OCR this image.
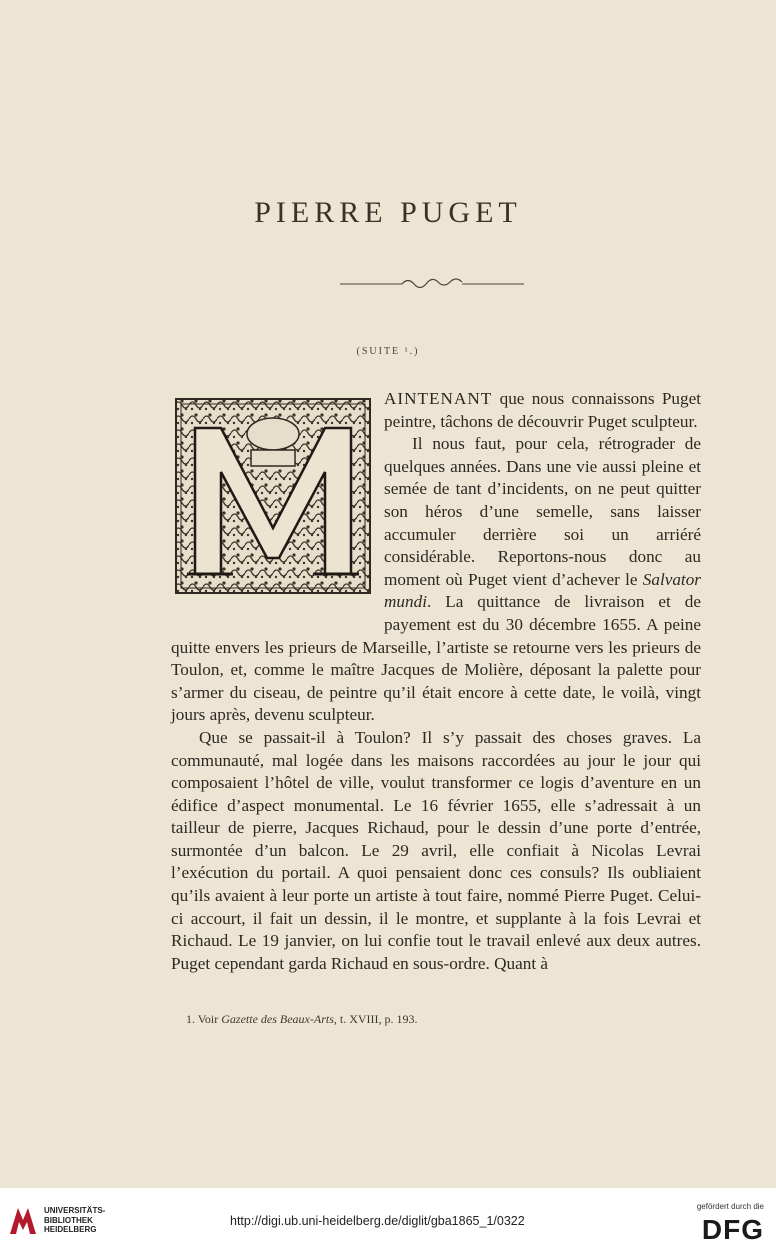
PIERRE PUGET
(SUITE ¹.)

AINTENANT que nous connaissons Puget peintre, tâchons de découvrir Puget sculpteur.

Il nous faut, pour cela, rétrograder de quelques années. Dans une vie aussi pleine et semée de tant d’incidents, on ne peut quitter son héros d’une semelle, sans laisser accumuler derrière soi un arriéré considérable. Reportons-nous donc au moment où Puget vient d’achever le Salvator mundi. La quittance de livraison et de payement est du 30 décembre 1655. A peine quitte envers les prieurs de Marseille, l’artiste se retourne vers les prieurs de Toulon, et, comme le maître Jacques de Molière, déposant la palette pour s’armer du ciseau, de peintre qu’il était encore à cette date, le voilà, vingt jours après, devenu sculpteur.

Que se passait-il à Toulon? Il s’y passait des choses graves. La communauté, mal logée dans les maisons raccordées au jour le jour qui composaient l’hôtel de ville, voulut transformer ce logis d’aventure en un édifice d’aspect monumental. Le 16 février 1655, elle s’adressait à un tailleur de pierre, Jacques Richaud, pour le dessin d’une porte d’entrée, surmontée d’un balcon. Le 29 avril, elle confiait à Nicolas Levrai l’exécution du portail. A quoi pensaient donc ces consuls? Ils oubliaient qu’ils avaient à leur porte un artiste à tout faire, nommé Pierre Puget. Celui-ci accourt, il fait un dessin, il le montre, et supplante à la fois Levrai et Richaud. Le 19 janvier, on lui confie tout le travail enlevé aux deux autres. Puget cependant garda Richaud en sous-ordre. Quant à

1. Voir Gazette des Beaux-Arts, t. XVIII, p. 193.
UNIVERSITÄTS-
BIBLIOTHEK
HEIDELBERG
http://digi.ub.uni-heidelberg.de/diglit/gba1865_1/0322
gefördert durch die
DFG
